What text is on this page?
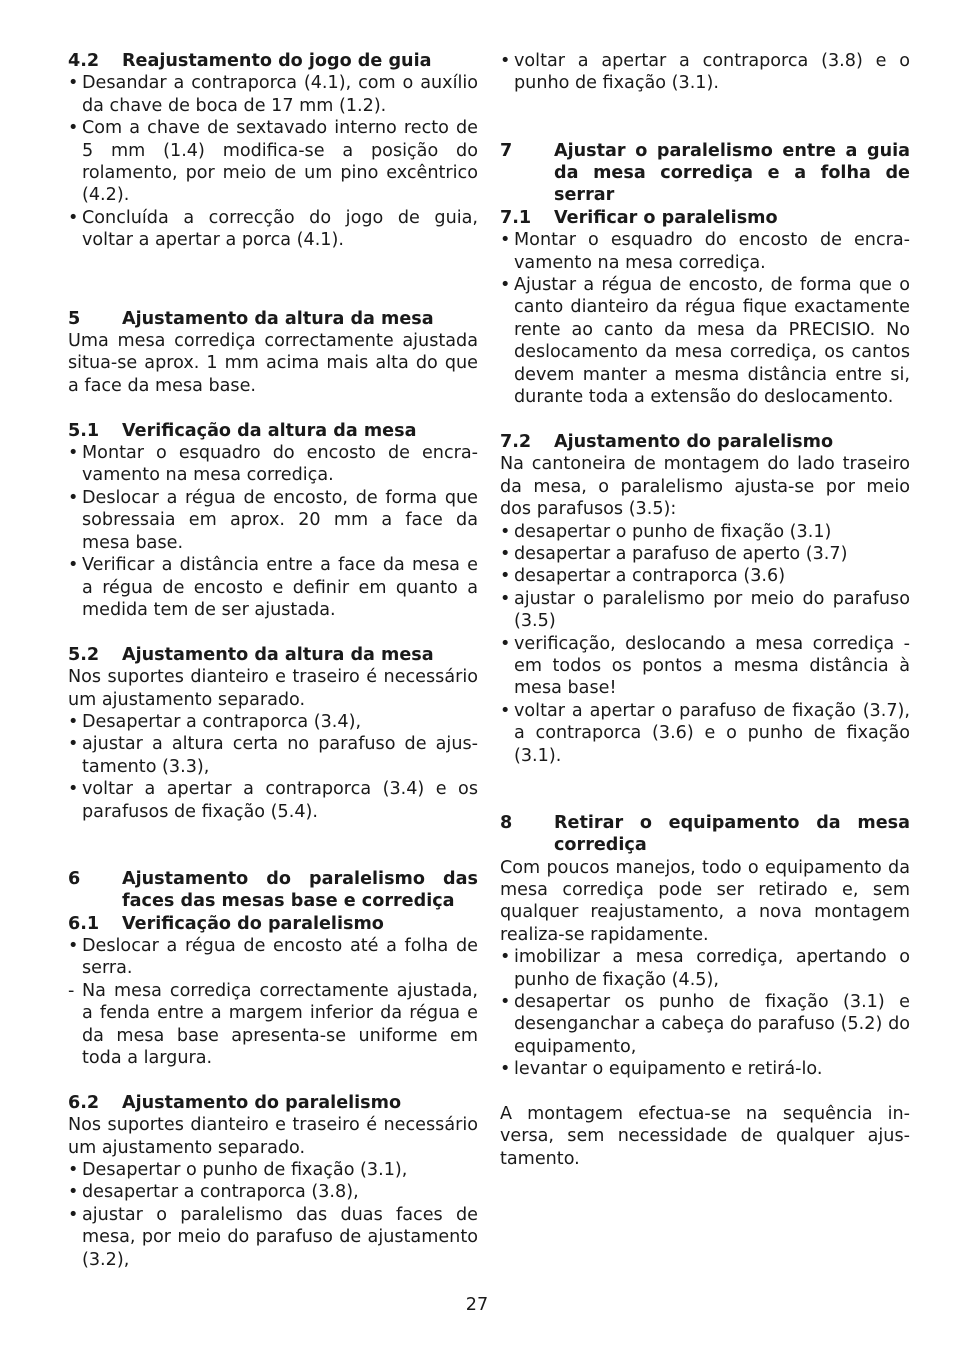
4.2	Reajustamento do jogo de guia
• Desandar a contraporca (4.1), com o auxílio da chave de boca de 17 mm (1.2).
• Com a chave de sextavado interno recto de 5 mm (1.4) modifica-se a posição do rolamento, por meio de um pino excêntrico (4.2).
• Concluída a correcção do jogo de guia, voltar a apertar a porca (4.1).
5	Ajustamento da altura da mesa

Uma mesa corrediça correctamente ajustada situa-se aprox. 1 mm acima mais alta do que a face da mesa base.

5.1	Verificação da altura da mesa
• Montar o esquadro do encosto de encravamento na mesa corrediça.
• Deslocar a régua de encosto, de forma que sobressaia em aprox. 20 mm a face da mesa base.
• Verificar a distância entre a face da mesa e a régua de encosto e definir em quanto a medida tem de ser ajustada.
5.2	Ajustamento da altura da mesa

Nos suportes dianteiro e traseiro é necessário um ajustamento separado.

• Desapertar a contraporca (3.4),
• ajustar a altura certa no parafuso de ajustamento (3.3),
• voltar a apertar a contraporca (3.4) e os parafusos de fixação (5.4).
6	Ajustamento do paralelismo das faces das mesas base e corrediça
6.1	Verificação do paralelismo
• Deslocar a régua de encosto até a folha de serra.
- Na mesa corrediça correctamente ajustada, a fenda entre a margem inferior da régua e da mesa base apresenta-se uniforme em toda a largura.
6.2	Ajustamento do paralelismo

Nos suportes dianteiro e traseiro é necessário um ajustamento separado.

• Desapertar o punho de fixação (3.1),
• desapertar a contraporca (3.8),
• ajustar o paralelismo das duas faces de mesa, por meio do parafuso de ajustamento (3.2),
• voltar a apertar a contraporca (3.8) e o punho de fixação (3.1).
7	Ajustar o paralelismo entre a guia da mesa corrediça e a folha de serrar
7.1	Verificar o paralelismo
• Montar o esquadro do encosto de encravamento na mesa corrediça.
• Ajustar a régua de encosto, de forma que o canto dianteiro da régua fique exactamente rente ao canto da mesa da PRECISIO. No deslocamento da mesa corrediça, os cantos devem manter a mesma distância entre si, durante toda a extensão do deslocamento.
7.2	Ajustamento do paralelismo

Na cantoneira de montagem do lado traseiro da mesa, o paralelismo ajusta-se por meio dos parafusos (3.5):

• desapertar o punho de fixação (3.1)
• desapertar a parafuso de aperto (3.7)
• desapertar a contraporca (3.6)
• ajustar o paralelismo por meio do parafuso (3.5)
• verificação, deslocando a mesa corrediça - em todos os pontos a mesma distância à mesa base!
• voltar a apertar o parafuso de fixação (3.7), a contraporca (3.6) e o punho de fixação (3.1).
8	Retirar o equipamento da mesa corrediça

Com poucos manejos, todo o equipamento da mesa corrediça pode ser retirado e, sem qualquer reajustamento, a nova montagem realiza-se rapidamente.

• imobilizar a mesa corrediça, apertando o punho de fixação (4.5),
• desapertar os punho de fixação (3.1) e desenganchar a cabeça do parafuso (5.2) do equipamento,
• levantar o equipamento e retirá-lo.

A montagem efectua-se na sequência inversa, sem necessidade de qualquer ajustamento.

27
